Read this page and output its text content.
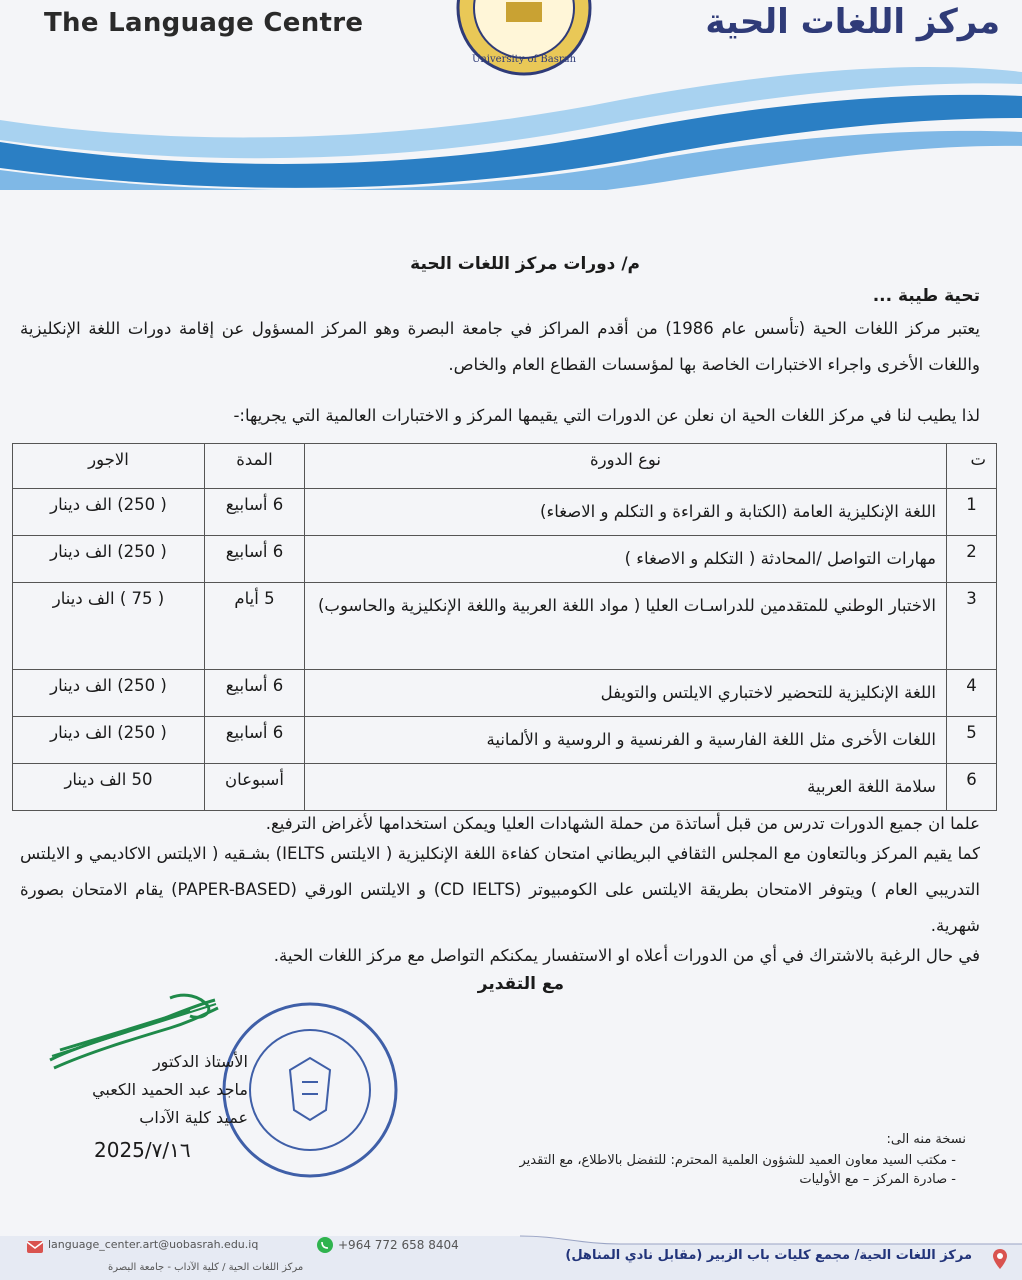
The Language Centre	مركز اللغات الحية
University of Basrah
م/ دورات مركز اللغات الحية
تحية طيبة ...
يعتبر مركز اللغات الحية (تأسس عام 1986) من أقدم المراكز في جامعة البصرة وهو المركز المسؤول عن إقامة دورات اللغة الإنكليزية واللغات الأخرى واجراء الاختبارات الخاصة بها لمؤسسات القطاع العام والخاص.
لذا يطيب لنا في مركز اللغات الحية ان نعلن عن الدورات التي يقيمها المركز و الاختبارات العالمية التي يجريها:-
ت	نوع الدورة	المدة	الاجور
1	اللغة الإنكليزية العامة (الكتابة و القراءة و التكلم و الاصغاء)	6 أسابيع	( 250) الف دينار
2	مهارات التواصل /المحادثة ( التكلم و الاصغاء )	6 أسابيع	( 250) الف دينار
3	الاختبار الوطني للمتقدمين للدراسـات العليا ( مواد اللغة العربية واللغة الإنكليزية والحاسوب)	5 أيام	( 75 ) الف دينار
4	اللغة الإنكليزية للتحضير لاختباري الايلتس والتويفل	6 أسابيع	( 250) الف دينار
5	اللغات الأخرى مثل اللغة الفارسية و الفرنسية و الروسية و الألمانية	6 أسابيع	( 250) الف دينار
6	سلامة اللغة العربية	أسبوعان	50 الف دينار
علما ان جميع الدورات تدرس من قبل أساتذة من حملة الشهادات العليا ويمكن استخدامها لأغراض الترفيع.
كما يقيم المركز وبالتعاون مع المجلس الثقافي البريطاني امتحان كفاءة اللغة الإنكليزية ( الايلتس IELTS) بشـقيه ( الايلتس الاكاديمي و الايلتس التدريبي العام ) ويتوفر الامتحان بطريقة الايلتس على الكومبيوتر (CD IELTS) و الايلتس الورقي (PAPER-BASED) يقام الامتحان بصورة شهرية.
في حال الرغبة بالاشتراك في أي من الدورات أعلاه او الاستفسار يمكنكم التواصل مع مركز اللغات الحية.
مع التقدير
الأستاذ الدكتور
ماجد عبد الحميد الكعبي
عميد كلية الآداب
2025/٧/١٦	نسخة منه الى:
- مكتب السيد معاون العميد للشؤون العلمية المحترم: للتفضل بالاطلاع، مع التقدير
- صادرة المركز – مع الأوليات
language_center.art@uobasrah.edu.iq	+964 772 658 8404
مركز اللغات الحية/ مجمع كليات باب الزبير (مقابل نادي المناهل)
مركز اللغات الحية / كلية الآداب - جامعة البصرة
